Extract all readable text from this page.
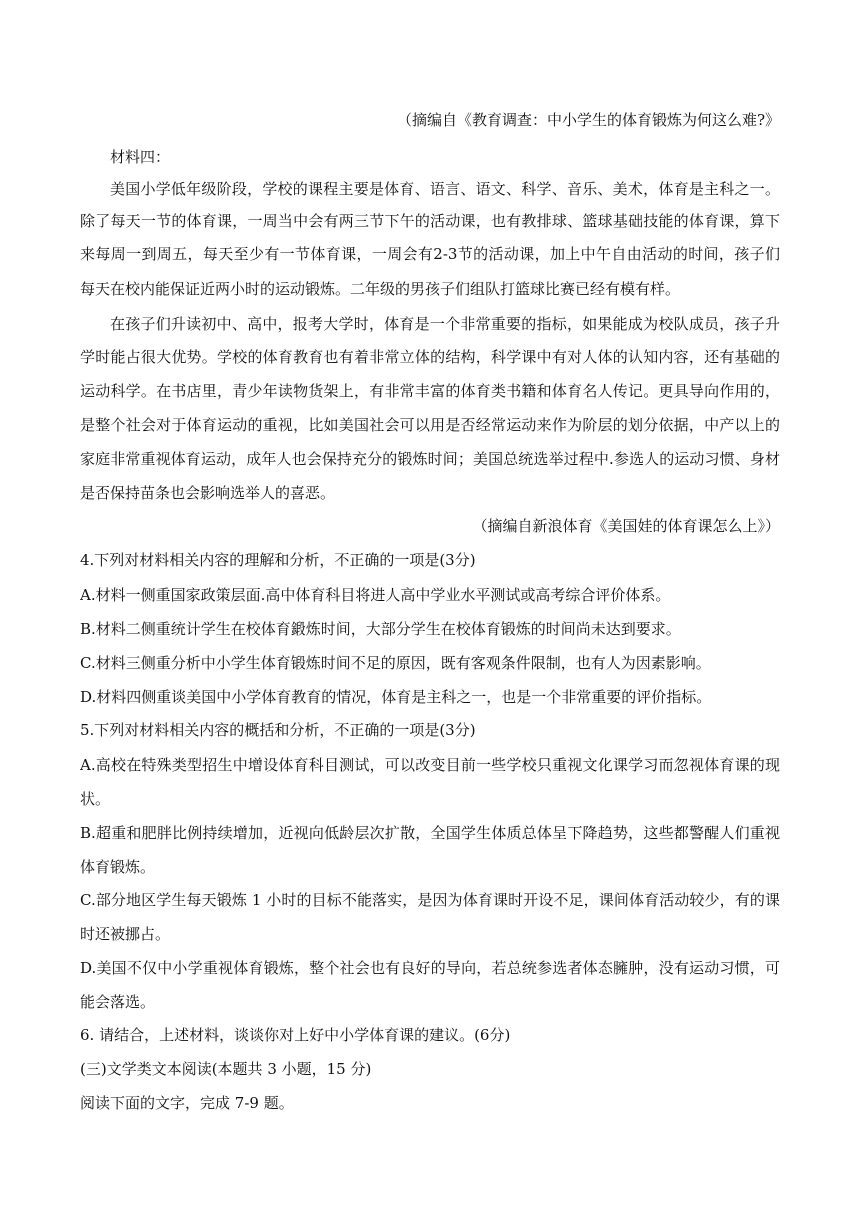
（摘编自《教育调查：中小学生的体育锻炼为何这么难?》
材料四：
美国小学低年级阶段，学校的课程主要是体育、语言、语文、科学、音乐、美术，体育是主科之一。
除了每天一节的体育课，一周当中会有两三节下午的活动课，也有教排球、篮球基础技能的体育课，算下
来每周一到周五，每天至少有一节体育课，一周会有2-3节的活动课，加上中午自由活动的时间，孩子们
每天在校内能保证近两小时的运动锻炼。二年级的男孩子们组队打篮球比赛已经有模有样。
在孩子们升读初中、高中，报考大学时，体育是一个非常重要的指标，如果能成为校队成员，孩子升
学时能占很大优势。学校的体育教育也有着非常立体的结构，科学课中有对人体的认知内容，还有基础的
运动科学。在书店里，青少年读物货架上，有非常丰富的体育类书籍和体育名人传记。更具导向作用的，
是整个社会对于体育运动的重视，比如美国社会可以用是否经常运动来作为阶层的划分依据，中产以上的
家庭非常重视体育运动，成年人也会保持充分的锻炼时间；美国总统选举过程中.参选人的运动习惯、身材
是否保持苗条也会影响选举人的喜恶。
（摘编自新浪体育《美国娃的体育课怎么上》）
4.下列对材料相关内容的理解和分析，不正确的一项是(3分)
A.材料一侧重国家政策层面.高中体育科目将进人高中学业水平测试或高考综合评价体系。
B.材料二侧重统计学生在校体育鍛炼时间，大部分学生在校体育锻炼的时间尚未达到要求。
C.材料三侧重分析中小学生体育锻炼时间不足的原因，既有客观条件限制，也有人为因素影响。
D.材料四侧重谈美国中小学体育教育的情况，体育是主科之一，也是一个非常重要的评价指标。
5.下列对材料相关内容的概括和分析，不正确的一项是(3分)
A.高校在特殊类型招生中增设体育科目测试，可以改变目前一些学校只重视文化课学习而忽视体育课的现
状。
B.超重和肥胖比例持续增加，近视向低龄层次扩散，全国学生体质总体呈下降趋势，这些都警醒人们重视
体育锻炼。
C.部分地区学生每天锻炼 1 小时的目标不能落实，是因为体育课时开设不足，课间体育活动较少，有的课
时还被挪占。
D.美国不仅中小学重视体育锻炼，整个社会也有良好的导向，若总统参选者体态臃肿，没有运动习惯，可
能会落选。
6. 请结合，上述材料，谈谈你对上好中小学体育课的建议。(6分)
(三)文学类文本阅读(本题共 3 小题，15 分)
阅读下面的文字，完成 7-9 题。
